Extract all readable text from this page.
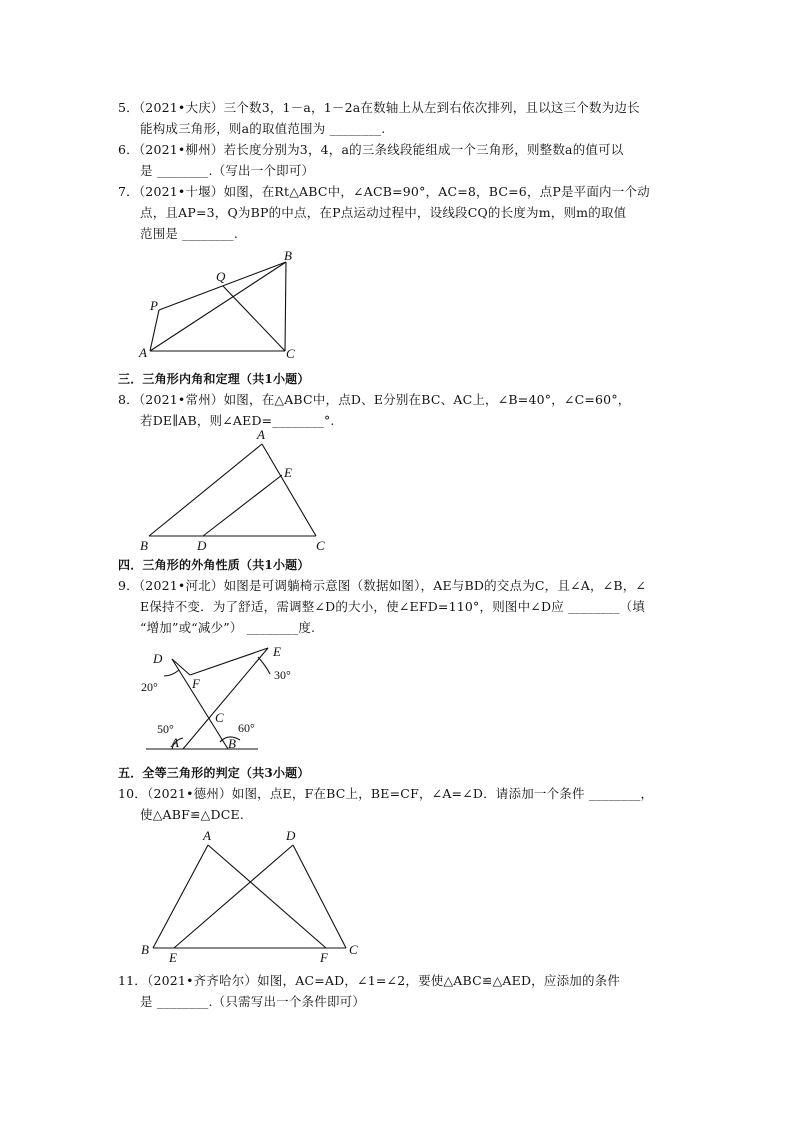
5．（2021•大庆）三个数3，1－a，1－2a在数轴上从左到右依次排列，且以这三个数为边长
能构成三角形，则a的取值范围为 ________.
6．（2021•柳州）若长度分别为3，4，a的三条线段能组成一个三角形，则整数a的值可以
是 ________.（写出一个即可）
7．（2021•十堰）如图，在Rt△ABC中，∠ACB=90°，AC=8，BC=6，点P是平面内一个动
点，且AP=3，Q为BP的中点，在P点运动过程中，设线段CQ的长度为m，则m的取值
范围是 ________.
P
Q
B
A	C
三．三角形内角和定理（共1小题）
8．（2021•常州）如图，在△ABC中，点D、E分别在BC、AC上，∠B=40°，∠C=60°，
若DE∥AB，则∠AED=________°.
A
E
B	D	C
四．三角形的外角性质（共1小题）
9．（2021•河北）如图是可调躺椅示意图（数据如图），AE与BD的交点为C，且∠A，∠B，∠
E保持不变．为了舒适，需调整∠D的大小，使∠EFD=110°，则图中∠D应 ________（填
“增加”或“减少”） ________度.
D	E
F
C
A	B
20°
30°
50°	60°
五．全等三角形的判定（共3小题）
10．（2021•德州）如图，点E，F在BC上，BE=CF，∠A=∠D．请添加一个条件 ________，
使△ABF≌△DCE.
A	D
B
E	F
C
11．（2021•齐齐哈尔）如图，AC=AD，∠1=∠2，要使△ABC≌△AED，应添加的条件
是 ________.（只需写出一个条件即可）
